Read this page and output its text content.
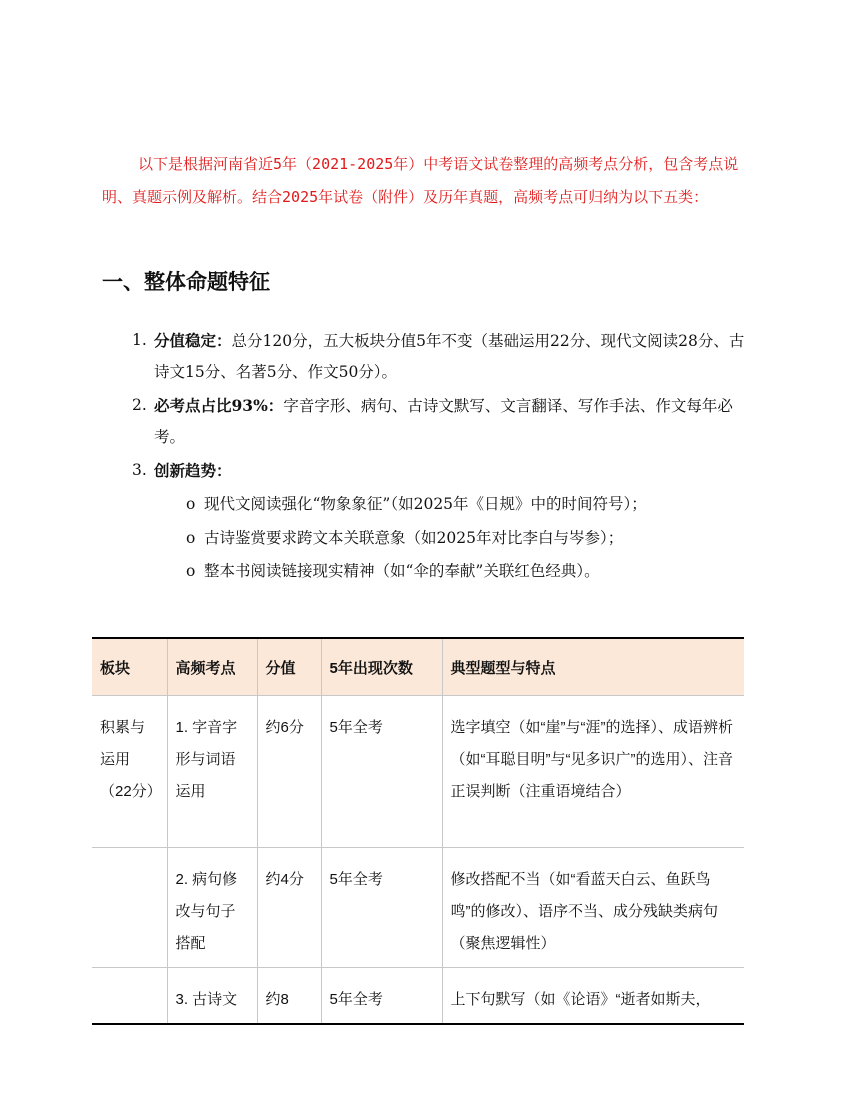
以下是根据河南省近5年（2021-2025年）中考语文试卷整理的高频考点分析，包含考点说明、真题示例及解析。结合2025年试卷（附件）及历年真题，高频考点可归纳为以下五类：

一、整体命题特征
1. 分值稳定：总分120分，五大板块分值5年不变（基础运用22分、现代文阅读28分、古诗文15分、名著5分、作文50分）。
2. 必考点占比93%：字音字形、病句、古诗文默写、文言翻译、写作手法、作文每年必考。
3. 创新趋势：
o 现代文阅读强化“物象象征”（如2025年《日规》中的时间符号）；
o 古诗鉴赏要求跨文本关联意象（如2025年对比李白与岑参）；
o 整本书阅读链接现实精神（如“伞的奉献”关联红色经典）。
板块	高频考点	分值	5年出现次数	典型题型与特点
积累与运用（22分）	1. 字音字形与词语运用	约6分	5年全考	选字填空（如“崖”与“涯”的选择）、成语辨析（如“耳聪目明”与“见多识广”的选用）、注音正误判断（注重语境结合）
	2. 病句修改与句子搭配	约4分	5年全考	修改搭配不当（如“看蓝天白云、鱼跃鸟鸣”的修改）、语序不当、成分残缺类病句（聚焦逻辑性）
	3. 古诗文	约8	5年全考	上下句默写（如《论语》“逝者如斯夫，
